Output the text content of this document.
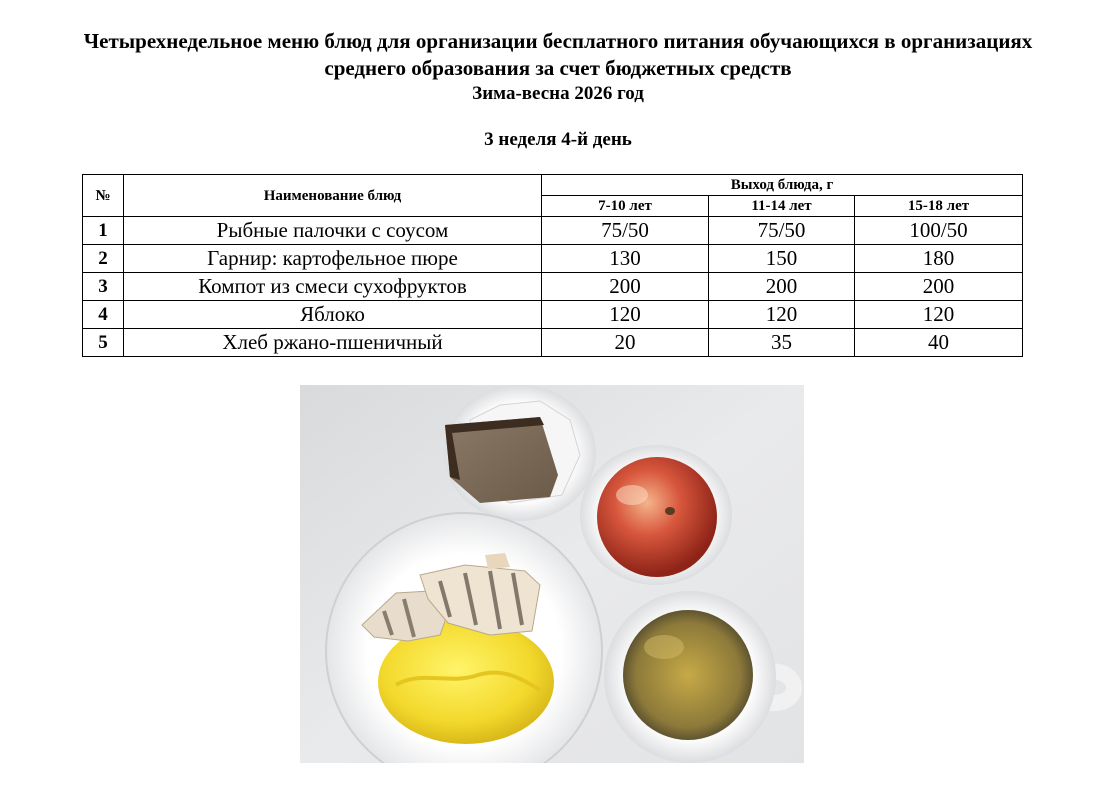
Четырехнедельное меню блюд для организации бесплатного питания обучающихся в организациях
среднего образования за счет бюджетных средств
Зима-весна 2026 год
3 неделя 4-й день
№	Наименование блюд	Выход блюда, г		
		7-10 лет	11-14 лет	15-18 лет
1	Рыбные палочки с соусом	75/50	75/50	100/50
2	Гарнир: картофельное пюре	130	150	180
3	Компот из смеси сухофруктов	200	200	200
4	Яблоко	120	120	120
5	Хлеб ржано-пшеничный	20	35	40
